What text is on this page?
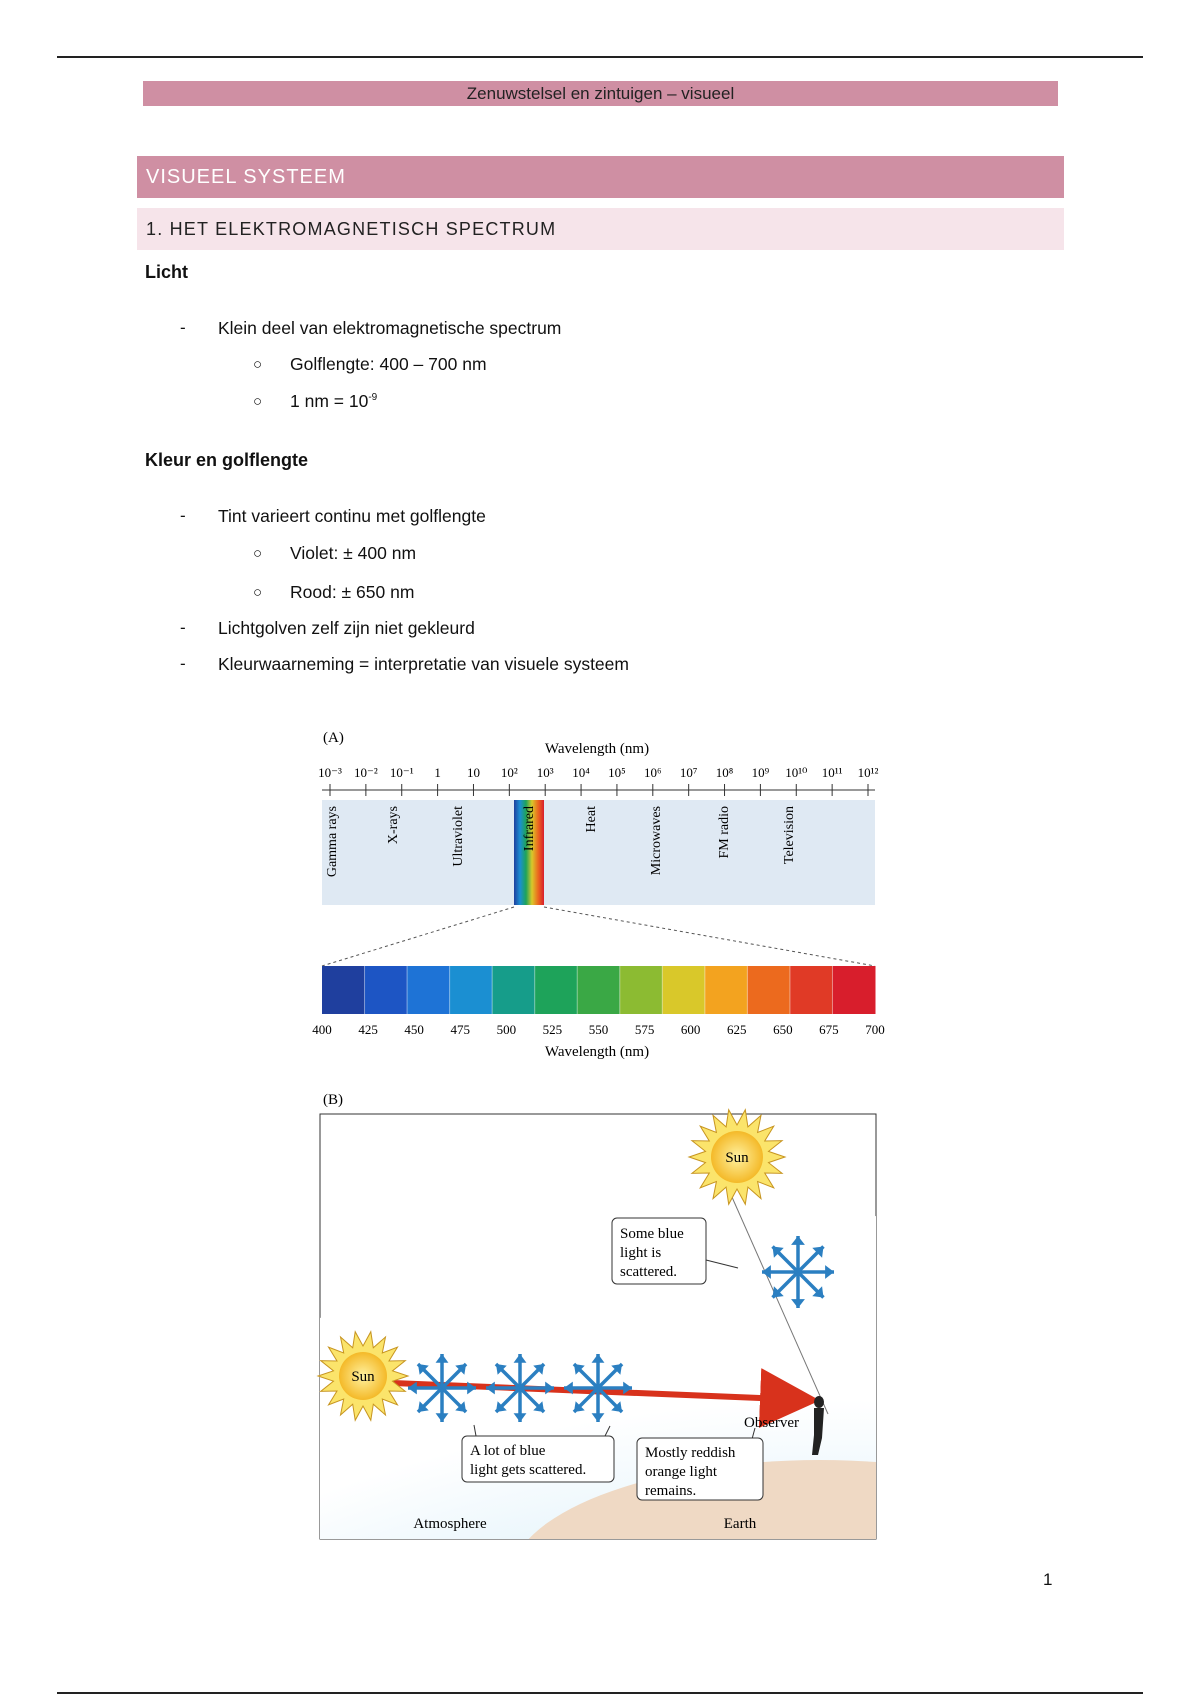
Zenuwstelsel en zintuigen – visueel
VISUEEL SYSTEEM
1. HET ELEKTROMAGNETISCH SPECTRUM
Licht
- Klein deel van elektromagnetische spectrum
○ Golflengte: 400 – 700 nm
○ 1 nm = $10^{-9}$
Kleur en golflengte
- Tint varieert continu met golflengte
○ Violet: ± 400 nm
○ Rood: ± 650 nm
- Lichtgolven zelf zijn niet gekleurd
- Kleurwaarneming = interpretatie van visuele systeem
(A)
Wavelength (nm)
10⁻³ 10⁻² 10⁻¹ 1 10 10² 10³ 10⁴ 10⁵ 10⁶ 10⁷ 10⁸ 10⁹ 10¹⁰ 10¹¹ 10¹²
Gamma rays	X-rays	Ultraviolet	Infrared	Heat	Microwaves	FM radio	Television
400 425 450 475 500 525 550 575 600 625 650 675 700
Wavelength (nm)
(B)
Sun
Sun
Observer
Some blue
light is
scattered.
A lot of blue
light gets scattered.
Mostly reddish
orange light
remains.
Atmosphere	Earth
1
